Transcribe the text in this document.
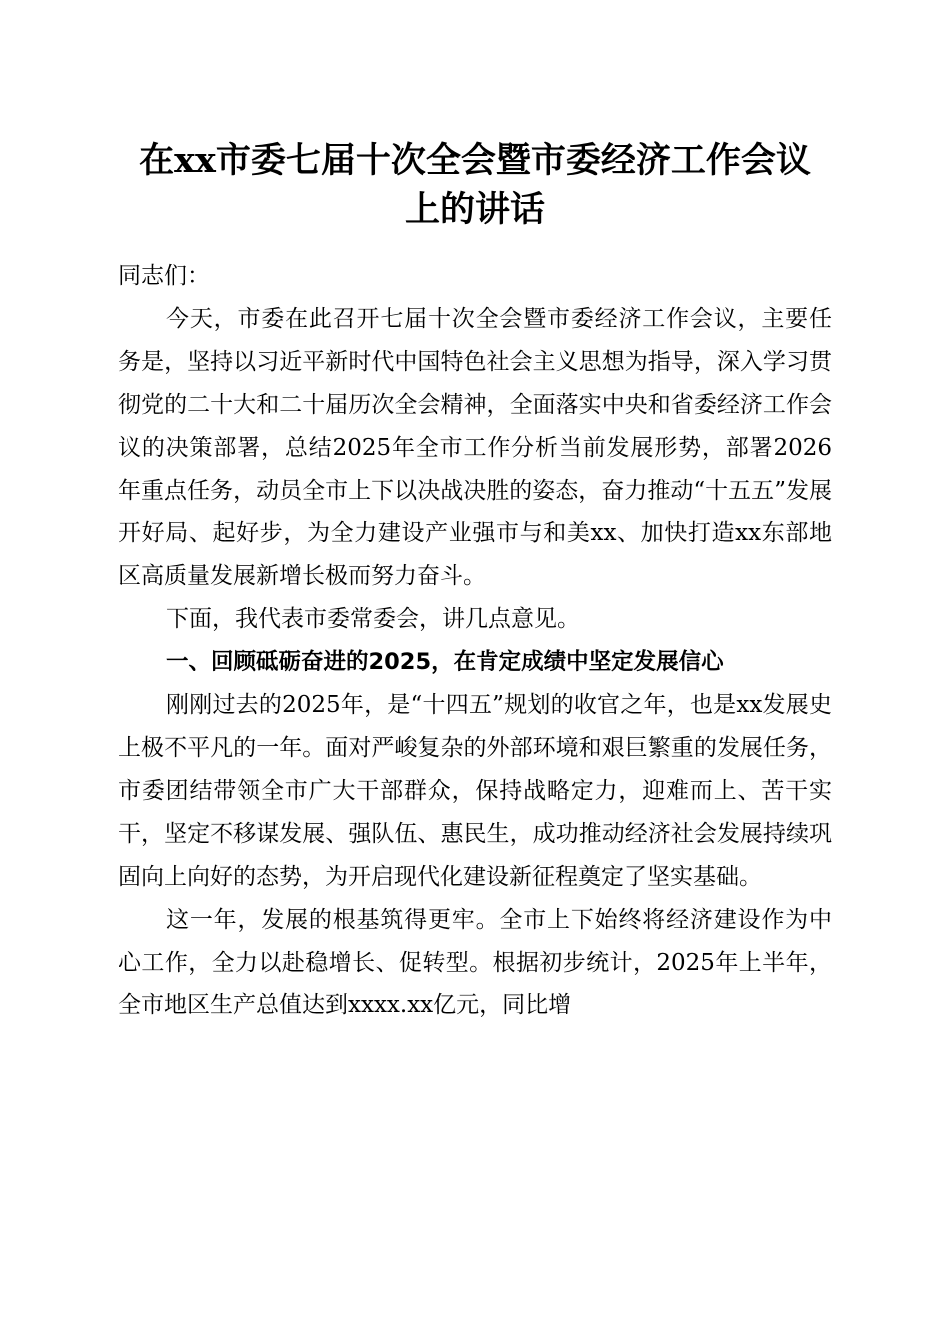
在xx市委七届十次全会暨市委经济工作会议
上的讲话

同志们：

今天，市委在此召开七届十次全会暨市委经济工作会议，主要任务是，坚持以习近平新时代中国特色社会主义思想为指导，深入学习贯彻党的二十大和二十届历次全会精神，全面落实中央和省委经济工作会议的决策部署，总结2025年全市工作分析当前发展形势，部署2026年重点任务，动员全市上下以决战决胜的姿态，奋力推动“十五五”发展开好局、起好步，为全力建设产业强市与和美xx、加快打造xx东部地区高质量发展新增长极而努力奋斗。

下面，我代表市委常委会，讲几点意见。

一、回顾砥砺奋进的2025，在肯定成绩中坚定发展信心

刚刚过去的2025年，是“十四五”规划的收官之年，也是xx发展史上极不平凡的一年。面对严峻复杂的外部环境和艰巨繁重的发展任务，市委团结带领全市广大干部群众，保持战略定力，迎难而上、苦干实干，坚定不移谋发展、强队伍、惠民生，成功推动经济社会发展持续巩固向上向好的态势，为开启现代化建设新征程奠定了坚实基础。

这一年，发展的根基筑得更牢。全市上下始终将经济建设作为中心工作，全力以赴稳增长、促转型。根据初步统计，2025年上半年，全市地区生产总值达到xxxx.xx亿元，同比增
